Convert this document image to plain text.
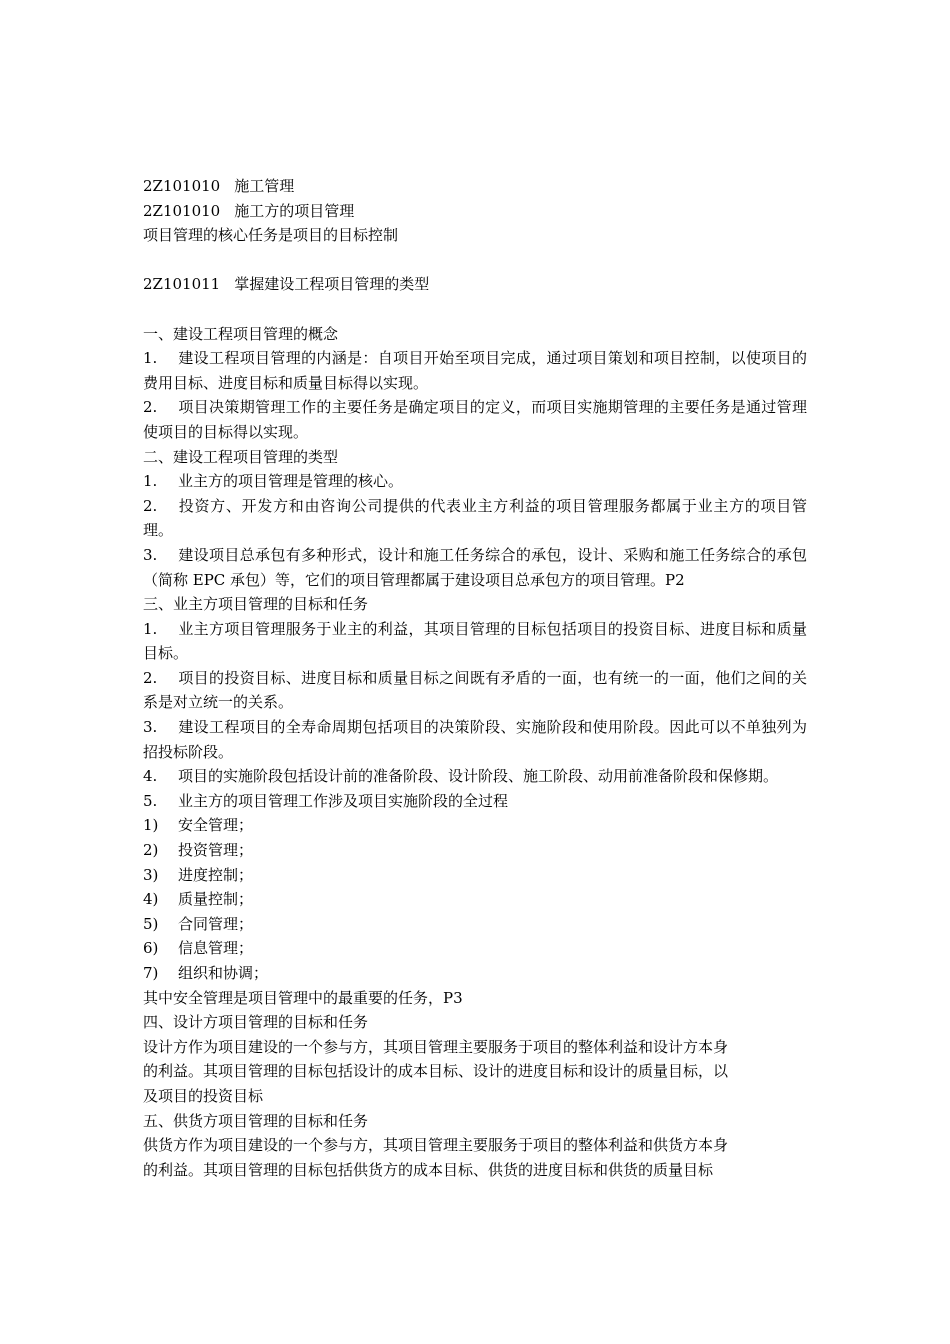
2Z101010 施工管理
2Z101010 施工方的项目管理
项目管理的核心任务是项目的目标控制
2Z101011 掌握建设工程项目管理的类型
一、建设工程项目管理的概念
1. 建设工程项目管理的内涵是：自项目开始至项目完成，通过项目策划和项目控制，以使项目的费用目标、进度目标和质量目标得以实现。
2. 项目决策期管理工作的主要任务是确定项目的定义，而项目实施期管理的主要任务是通过管理使项目的目标得以实现。
二、建设工程项目管理的类型
1. 业主方的项目管理是管理的核心。
2. 投资方、开发方和由咨询公司提供的代表业主方利益的项目管理服务都属于业主方的项目管理。
3. 建设项目总承包有多种形式，设计和施工任务综合的承包，设计、采购和施工任务综合的承包（简称 EPC 承包）等，它们的项目管理都属于建设项目总承包方的项目管理。P2
三、业主方项目管理的目标和任务
1. 业主方项目管理服务于业主的利益，其项目管理的目标包括项目的投资目标、进度目标和质量目标。
2. 项目的投资目标、进度目标和质量目标之间既有矛盾的一面，也有统一的一面，他们之间的关系是对立统一的关系。
3. 建设工程项目的全寿命周期包括项目的决策阶段、实施阶段和使用阶段。因此可以不单独列为招投标阶段。
4. 项目的实施阶段包括设计前的准备阶段、设计阶段、施工阶段、动用前准备阶段和保修期。
5. 业主方的项目管理工作涉及项目实施阶段的全过程
1) 安全管理；
2) 投资管理；
3) 进度控制；
4) 质量控制；
5) 合同管理；
6) 信息管理；
7) 组织和协调；
其中安全管理是项目管理中的最重要的任务，P3
四、设计方项目管理的目标和任务
设计方作为项目建设的一个参与方，其项目管理主要服务于项目的整体利益和设计方本身
的利益。其项目管理的目标包括设计的成本目标、设计的进度目标和设计的质量目标，以
及项目的投资目标
五、供货方项目管理的目标和任务
供货方作为项目建设的一个参与方，其项目管理主要服务于项目的整体利益和供货方本身
的利益。其项目管理的目标包括供货方的成本目标、供货的进度目标和供货的质量目标
